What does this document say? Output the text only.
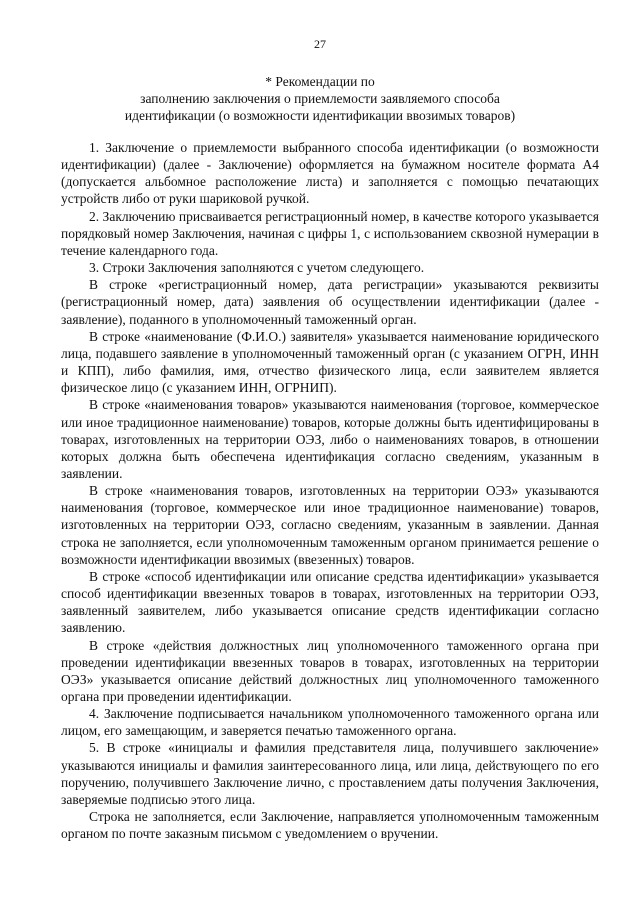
27
* Рекомендации по
заполнению заключения о приемлемости заявляемого способа
идентификации (о возможности идентификации ввозимых товаров)

1. Заключение о приемлемости выбранного способа идентификации (о возможности идентификации) (далее - Заключение) оформляется на бумажном носителе формата А4 (допускается альбомное расположение листа) и заполняется с помощью печатающих устройств либо от руки шариковой ручкой.

2. Заключению присваивается регистрационный номер, в качестве которого указывается порядковый номер Заключения, начиная с цифры 1, с использованием сквозной нумерации в течение календарного года.

3. Строки Заключения заполняются с учетом следующего.

В строке «регистрационный номер, дата регистрации» указываются реквизиты (регистрационный номер, дата) заявления об осуществлении идентификации (далее - заявление), поданного в уполномоченный таможенный орган.

В строке «наименование (Ф.И.О.) заявителя» указывается наименование юридического лица, подавшего заявление в уполномоченный таможенный орган (с указанием ОГРН, ИНН и КПП), либо фамилия, имя, отчество физического лица, если заявителем является физическое лицо (с указанием ИНН, ОГРНИП).

В строке «наименования товаров» указываются наименования (торговое, коммерческое или иное традиционное наименование) товаров, которые должны быть идентифицированы в товарах, изготовленных на территории ОЭЗ, либо о наименованиях товаров, в отношении которых должна быть обеспечена идентификация согласно сведениям, указанным в заявлении.

В строке «наименования товаров, изготовленных на территории ОЭЗ» указываются наименования (торговое, коммерческое или иное традиционное наименование) товаров, изготовленных на территории ОЭЗ, согласно сведениям, указанным в заявлении. Данная строка не заполняется, если уполномоченным таможенным органом принимается решение о возможности идентификации ввозимых (ввезенных) товаров.

В строке «способ идентификации или описание средства идентификации» указывается способ идентификации ввезенных товаров в товарах, изготовленных на территории ОЭЗ, заявленный заявителем, либо указывается описание средств идентификации согласно заявлению.

В строке «действия должностных лиц уполномоченного таможенного органа при проведении идентификации ввезенных товаров в товарах, изготовленных на территории ОЭЗ» указывается описание действий должностных лиц уполномоченного таможенного органа при проведении идентификации.

4. Заключение подписывается начальником уполномоченного таможенного органа или лицом, его замещающим, и заверяется печатью таможенного органа.

5. В строке «инициалы и фамилия представителя лица, получившего заключение» указываются инициалы и фамилия заинтересованного лица, или лица, действующего по его поручению, получившего Заключение лично, с проставлением даты получения Заключения, заверяемые подписью этого лица.

Строка не заполняется, если Заключение, направляется уполномоченным таможенным органом по почте заказным письмом с уведомлением о вручении.
